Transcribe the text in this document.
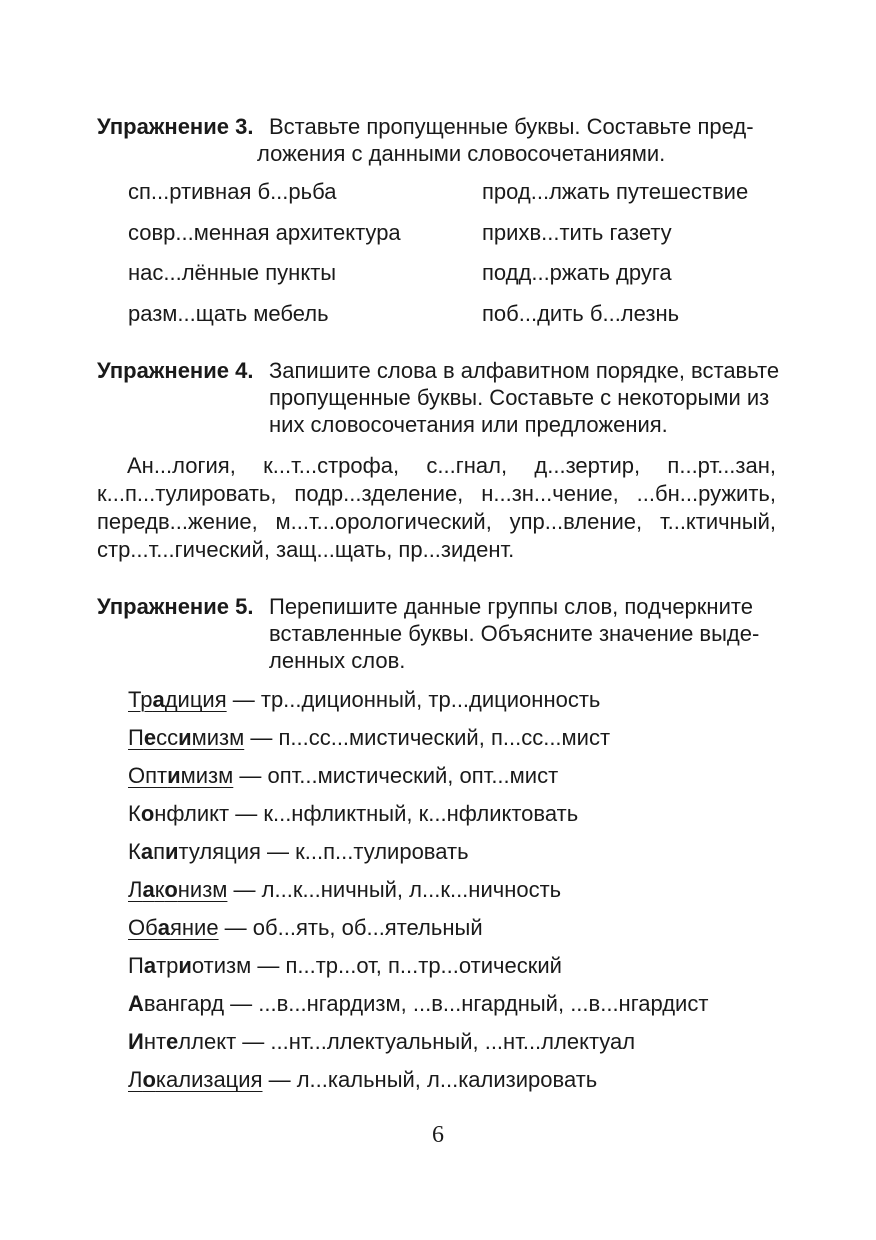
Упражнение 3. Вставьте пропущенные буквы. Составьте пред-
ложения с данными словосочетаниями.
сп...ртивная б...рьба	прод...лжать путешествие
совр...менная архитектура	прихв...тить газету
нас...лённые пункты	подд...ржать друга
разм...щать мебель	поб...дить б...лезнь
Упражнение 4. Запишите слова в алфавитном порядке, вставьте
пропущенные буквы. Составьте с некоторыми из
них словосочетания или предложения.
Ан...логия, к...т...строфа, с...гнал, д...зертир, п...рт...зан,
к...п...тулировать, подр...зделение, н...зн...чение, ...бн...ружить,
передв...жение, м...т...орологический, упр...вление, т...ктичный,
стр...т...гический, защ...щать, пр...зидент.
Упражнение 5. Перепишите данные группы слов, подчеркните
вставленные буквы. Объясните значение выде-
ленных слов.
Традиция — тр...диционный, тр...диционность
Пессимизм — п...сс...мистический, п...сс...мист
Оптимизм — опт...мистический, опт...мист
Конфликт — к...нфликтный, к...нфликтовать
Капитуляция — к...п...тулировать
Лаконизм — л...к...ничный, л...к...ничность
Обаяние — об...ять, об...ятельный
Патриотизм — п...тр...от, п...тр...отический
Авангард — ...в...нгардизм, ...в...нгардный, ...в...нгардист
Интеллект — ...нт...ллектуальный, ...нт...ллектуал
Локализация — л...кальный, л...кализировать
6
